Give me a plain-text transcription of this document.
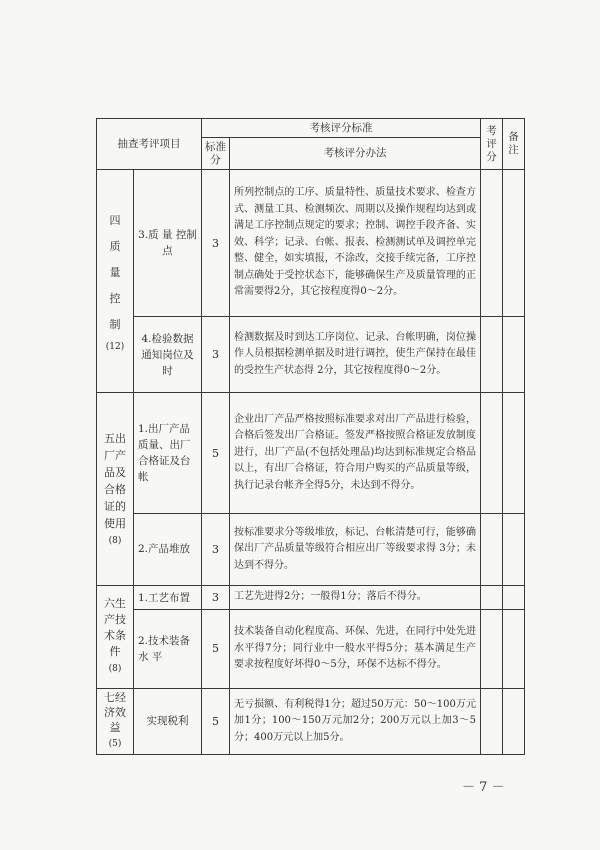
抽查考评项目		考核评分标准		考评分	备注
		标准分	考核评分办法		
四质量控制
(12)	3.质 量 控制点	3	所列控制点的工序、质量特性、质量技术要求、检查方式、测量工具、检测频次、周期以及操作规程均达到或满足工序控制点规定的要求；控制、调控手段齐备、实效、科学；记录、台帐、报表、检测测试单及调控单完整、健全，如实填报，不涂改，交接手续完备，工序控制点确处于受控状态下，能够确保生产及质量管理的正常需要得2分，其它按程度得0～2分。		
	4.检验数据通知岗位及 时	3	检测数据及时到达工序岗位、记录、台帐明确，岗位操作人员根据检测单据及时进行调控，使生产保持在最佳的受控生产状态得 2分，其它按程度得0～2分。		
五出厂产品及合格证的使用
(8)	1.出厂产品质量、出厂合格证及台帐	5	企业出厂产品严格按照标准要求对出厂产品进行检验，合格后签发出厂合格证。签发严格按照合格证发放制度进行，出厂产品(不包括处理品)均达到标准规定合格品以上，有出厂合格证，符合用户购买的产品质量等级，执行记录台帐齐全得5分，未达到不得分。		
	2.产品堆放	3	按标准要求分等级堆放，标记、台帐清楚可行，能够确保出厂产品质量等级符合相应出厂等级要求得 3分；未达到不得分。		
六生产技术条件
(8)	1.工艺布置	3	工艺先进得2分；一般得1分；落后不得分。		
	2.技术装备水 平	5	技术装备自动化程度高、环保、先进，在同行中处先进水平得7分；同行业中一般水平得5分；基本满足生产要求按程度好坏得0～5分，环保不达标不得分。		
七经济效益
(5)	实现税利	5	无亏损额、有利税得1分；超过50万元：50～100万元加1分；100～150万元加2分；200万元以上加3～5分；400万元以上加5分。		
－ 7 －
